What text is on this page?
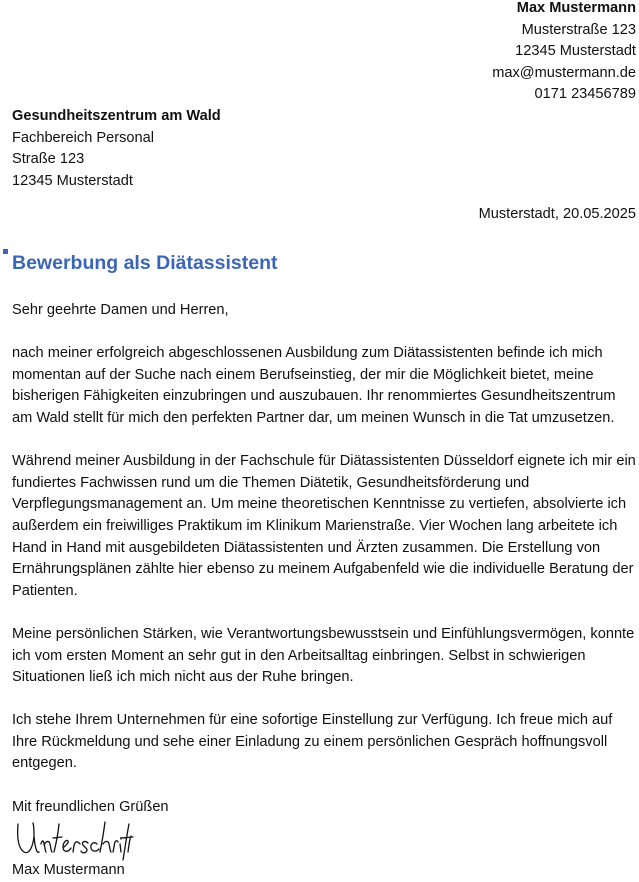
Max Mustermann
Musterstraße 123
12345 Musterstadt
max@mustermann.de
0171 23456789
Gesundheitszentrum am Wald
Fachbereich Personal
Straße 123
12345 Musterstadt
Musterstadt, 20.05.2025
Bewerbung als Diätassistent

Sehr geehrte Damen und Herren,

nach meiner erfolgreich abgeschlossenen Ausbildung zum Diätassistenten befinde ich mich momentan auf der Suche nach einem Berufseinstieg, der mir die Möglichkeit bietet, meine bisherigen Fähigkeiten einzubringen und auszubauen. Ihr renommiertes Gesundheitszentrum am Wald stellt für mich den perfekten Partner dar, um meinen Wunsch in die Tat umzusetzen.

Während meiner Ausbildung in der Fachschule für Diätassistenten Düsseldorf eignete ich mir ein fundiertes Fachwissen rund um die Themen Diätetik, Gesundheitsförderung und Verpflegungsmanagement an. Um meine theoretischen Kenntnisse zu vertiefen, absolvierte ich außerdem ein freiwilliges Praktikum im Klinikum Marienstraße. Vier Wochen lang arbeitete ich Hand in Hand mit ausgebildeten Diätassistenten und Ärzten zusammen. Die Erstellung von Ernährungsplänen zählte hier ebenso zu meinem Aufgabenfeld wie die individuelle Beratung der Patienten.

Meine persönlichen Stärken, wie Verantwortungsbewusstsein und Einfühlungsvermögen, konnte ich vom ersten Moment an sehr gut in den Arbeitsalltag einbringen. Selbst in schwierigen Situationen ließ ich mich nicht aus der Ruhe bringen.

Ich stehe Ihrem Unternehmen für eine sofortige Einstellung zur Verfügung. Ich freue mich auf Ihre Rückmeldung und sehe einer Einladung zu einem persönlichen Gespräch hoffnungsvoll entgegen.

Mit freundlichen Grüßen

Max Mustermann
